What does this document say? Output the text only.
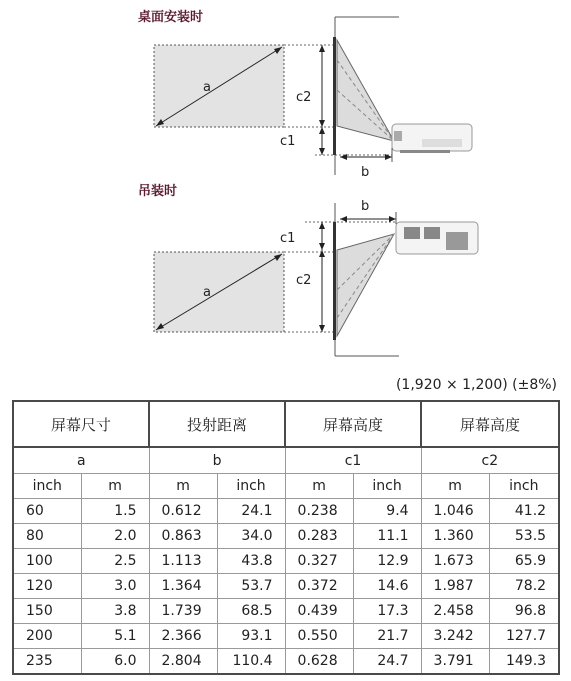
桌面安装时
吊装时
a
c2
c1
b
a
c1
c2
b
(1,920 × 1,200) (±8%)
屏幕尺寸		投射距离		屏幕高度		屏幕高度	
a		b		c1		c2	
inch	m	m	inch	m	inch	m	inch
60	1.5	0.612	24.1	0.238	9.4	1.046	41.2
80	2.0	0.863	34.0	0.283	11.1	1.360	53.5
100	2.5	1.113	43.8	0.327	12.9	1.673	65.9
120	3.0	1.364	53.7	0.372	14.6	1.987	78.2
150	3.8	1.739	68.5	0.439	17.3	2.458	96.8
200	5.1	2.366	93.1	0.550	21.7	3.242	127.7
235	6.0	2.804	110.4	0.628	24.7	3.791	149.3
